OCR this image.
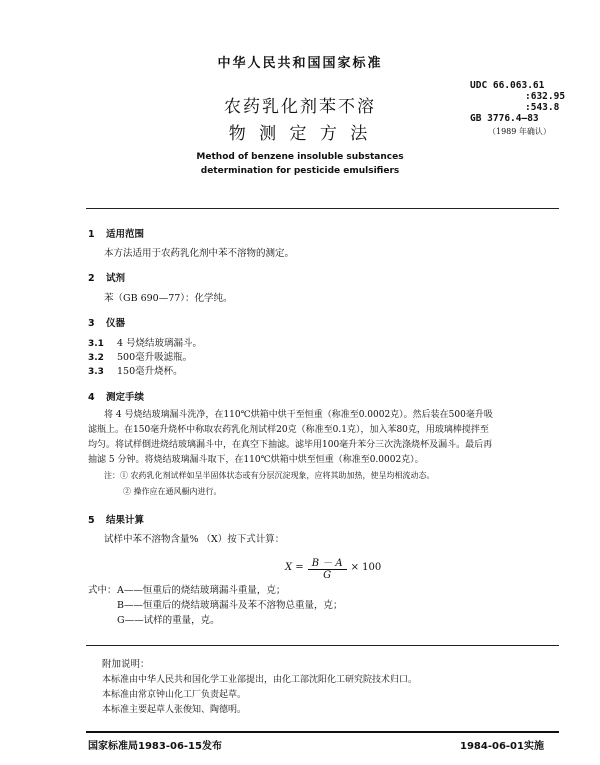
中华人民共和国国家标准
UDC 66.063.61
:632.95
:543.8
GB 3776.4—83
（1989 年确认）
农药乳化剂苯不溶
物 测 定 方 法
Method of benzene insoluble substances
determination for pesticide emulsifiers
1 适用范围
本方法适用于农药乳化剂中苯不溶物的测定。
2 试剂
苯（GB 690—77）：化学纯。
3 仪器
3.1 4 号烧结玻璃漏斗。
3.2 500毫升吸滤瓶。
3.3 150毫升烧杯。
4 测定手续
将 4 号烧结玻璃漏斗洗净，在110℃烘箱中烘干至恒重（称准至0.0002克）。然后装在500毫升吸
滤瓶上。在150毫升烧杯中称取农药乳化剂试样20克（称准至0.1克），加入苯80克，用玻璃棒搅拌至
均匀。将试样倒进烧结玻璃漏斗中，在真空下抽滤。滤毕用100毫升苯分三次洗涤烧杯及漏斗。最后再
抽滤 5 分钟。将烧结玻璃漏斗取下，在110℃烘箱中烘至恒重（称准至0.0002克）。
注：① 农药乳化剂试样如呈半固体状态或有分层沉淀现象，应将其助加热，使呈均相流动态。
② 操作应在通风橱内进行。
5 结果计算
试样中苯不溶物含量% （X）按下式计算：
$X = \frac{B - A}{G} \times 100$
式中： A——恒重后的烧结玻璃漏斗重量，克；
B——恒重后的烧结玻璃漏斗及苯不溶物总重量，克；
G——试样的重量，克。
附加说明：
本标准由中华人民共和国化学工业部提出，由化工部沈阳化工研究院技术归口。
本标准由常京钟山化工厂负责起草。
本标准主要起草人张俊知、陶德明。
国家标准局1983-06-15发布	1984-06-01实施
